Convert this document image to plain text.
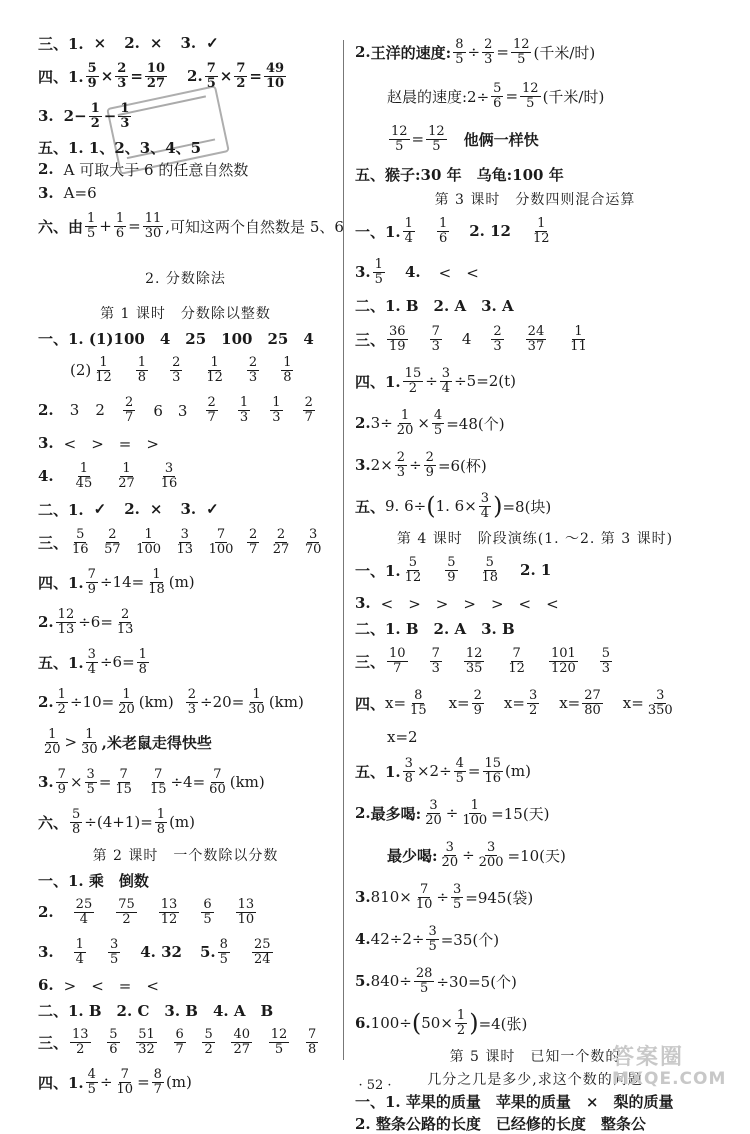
三、1. × 2. × 3. ✓
四、1. $\frac{5}{9} \times \frac{2}{3} = \frac{10}{27} 2$. $\frac{7}{5} \times \frac{7}{2} = \frac{49}{10}$
3. $2- \frac{1}{2} - \frac{1}{3}$
五、1. 1、2、3、4、5
2. A 可取大于 6 的任意自然数
3. A=6
六、由 $\frac{1}{5} + \frac{1}{6} = \frac{11}{30}$ ,可知这两个自然数是 5、6
2. 分数除法
第 1 课时　分数除以整数
一、1. (1)100　4　25　100　25　4
$(2) \frac{1}{12} \frac{1}{8} \frac{2}{3} \frac{1}{12} \frac{2}{3} \frac{1}{8}$
2. 3 $2 \frac{2}{7} 6$　$3 \frac{2}{7} \frac{1}{3} \frac{1}{3} \frac{2}{7}$
3. <　>　=　>
4. $\frac{1}{45} \frac{1}{27} \frac{3}{16}$
二、1. ✓ 2. × 3. ✓
三、 $\frac{5}{16} \frac{2}{57} \frac{1}{100} \frac{3}{13} \frac{7}{100} \frac{2}{7} \frac{2}{27} \frac{3}{70}$
四、1. $\frac{7}{9} \div 14= \frac{1}{18} (m)$
2. $\frac{12}{13} \div 6= \frac{2}{13}$
五、1. $\frac{3}{4} \div 6= \frac{1}{8}$
2. $\frac{1}{2} \div 10= \frac{1}{20} (km) \frac{2}{3} \div 20= \frac{1}{30} (km)$
$\frac{1}{20} > \frac{1}{30}$ ,米老鼠走得快些
3. $\frac{7}{9} \times \frac{3}{5} = \frac{7}{15} \frac{7}{15} \div 4= \frac{7}{60} (km)$
六、 $\frac{5}{8} \div(4+1)= \frac{1}{8} (m)$
第 2 课时　一个数除以分数
一、1. 乘　倒数
2. $\frac{25}{4} \frac{75}{2} \frac{13}{12} \frac{6}{5} \frac{13}{10}$
3. $\frac{1}{4} \frac{3}{5} 4$. 32 5. $\frac{8}{5} \frac{25}{24}$
6. >　<　=　<
二、1. B　2. C　3. B　4. A　B
三、 $\frac{13}{2} \frac{5}{6} \frac{51}{32} \frac{6}{7} \frac{5}{2} \frac{40}{27} \frac{12}{5} \frac{7}{8}$
四、1. $\frac{4}{5} \div \frac{7}{10} = \frac{8}{7} (m)$
2. 王洋的速度: $\frac{8}{5} \div \frac{2}{3} = \frac{12}{5}$ (千米/时)
赵晨的速度:2÷ $\frac{5}{6} = \frac{12}{5}$ (千米/时)
$\frac{12}{5} = \frac{12}{5}$ 　他俩一样快
五、猴子:30 年　乌龟:100 年
第 3 课时　分数四则混合运算
一、1. $\frac{1}{4} \frac{1}{6} 2$. $12 \frac{1}{12}$
3. $\frac{1}{5} 4$. <　<
二、1. B　2. A　3. A
三、 $\frac{36}{19} \frac{7}{3} 4 \frac{2}{3} \frac{24}{37} \frac{1}{11}$
四、1. $\frac{15}{2} \div \frac{3}{4} \div 5=2(t)$
2. $3\div \frac{1}{20} \times \frac{4}{5} =48$(个)
3. $2\times \frac{2}{3} \div \frac{2}{9} =6$(杯)
五、 9. 6÷ ( 1. $6\times \frac{3}{4}$ ) =8(块)
第 4 课时　阶段演练(1. ～2. 第 3 课时)
一、1. $\frac{5}{12} \frac{5}{9} \frac{5}{18} 2$. 1
3. <　>　>　>　>　<　<
二、1. B　2. A　3. B
三、 $\frac{10}{7} \frac{7}{3} \frac{12}{35} \frac{7}{12} \frac{101}{120} \frac{5}{3}$
四、 $x= \frac{8}{15} x= \frac{2}{9} x= \frac{3}{2} x= \frac{27}{80} x= \frac{3}{350}$
x=2
五、1. $\frac{3}{8} \times 2\div \frac{4}{5} = \frac{15}{16} (m)$
2. 最多喝: $\frac{3}{20} \div \frac{1}{100} =15$(天)
最少喝: $\frac{3}{20} \div \frac{3}{200} =10$(天)
3. $810\times \frac{7}{10} \div \frac{3}{5} =945$(袋)
4. $42\div 2\div \frac{3}{5} =35$(个)
5. $840\div \frac{28}{5} \div 30=5$(个)
6. 100÷ ( $50\times \frac{1}{2}$ ) =4(张)
第 5 课时　已知一个数的
几分之几是多少,求这个数的问题
一、1. 苹果的质量　苹果的质量　×　梨的质量
2. 整条公路的长度　已经修的长度　整条公
· 52 ·
答案圈
MXQE.COM
